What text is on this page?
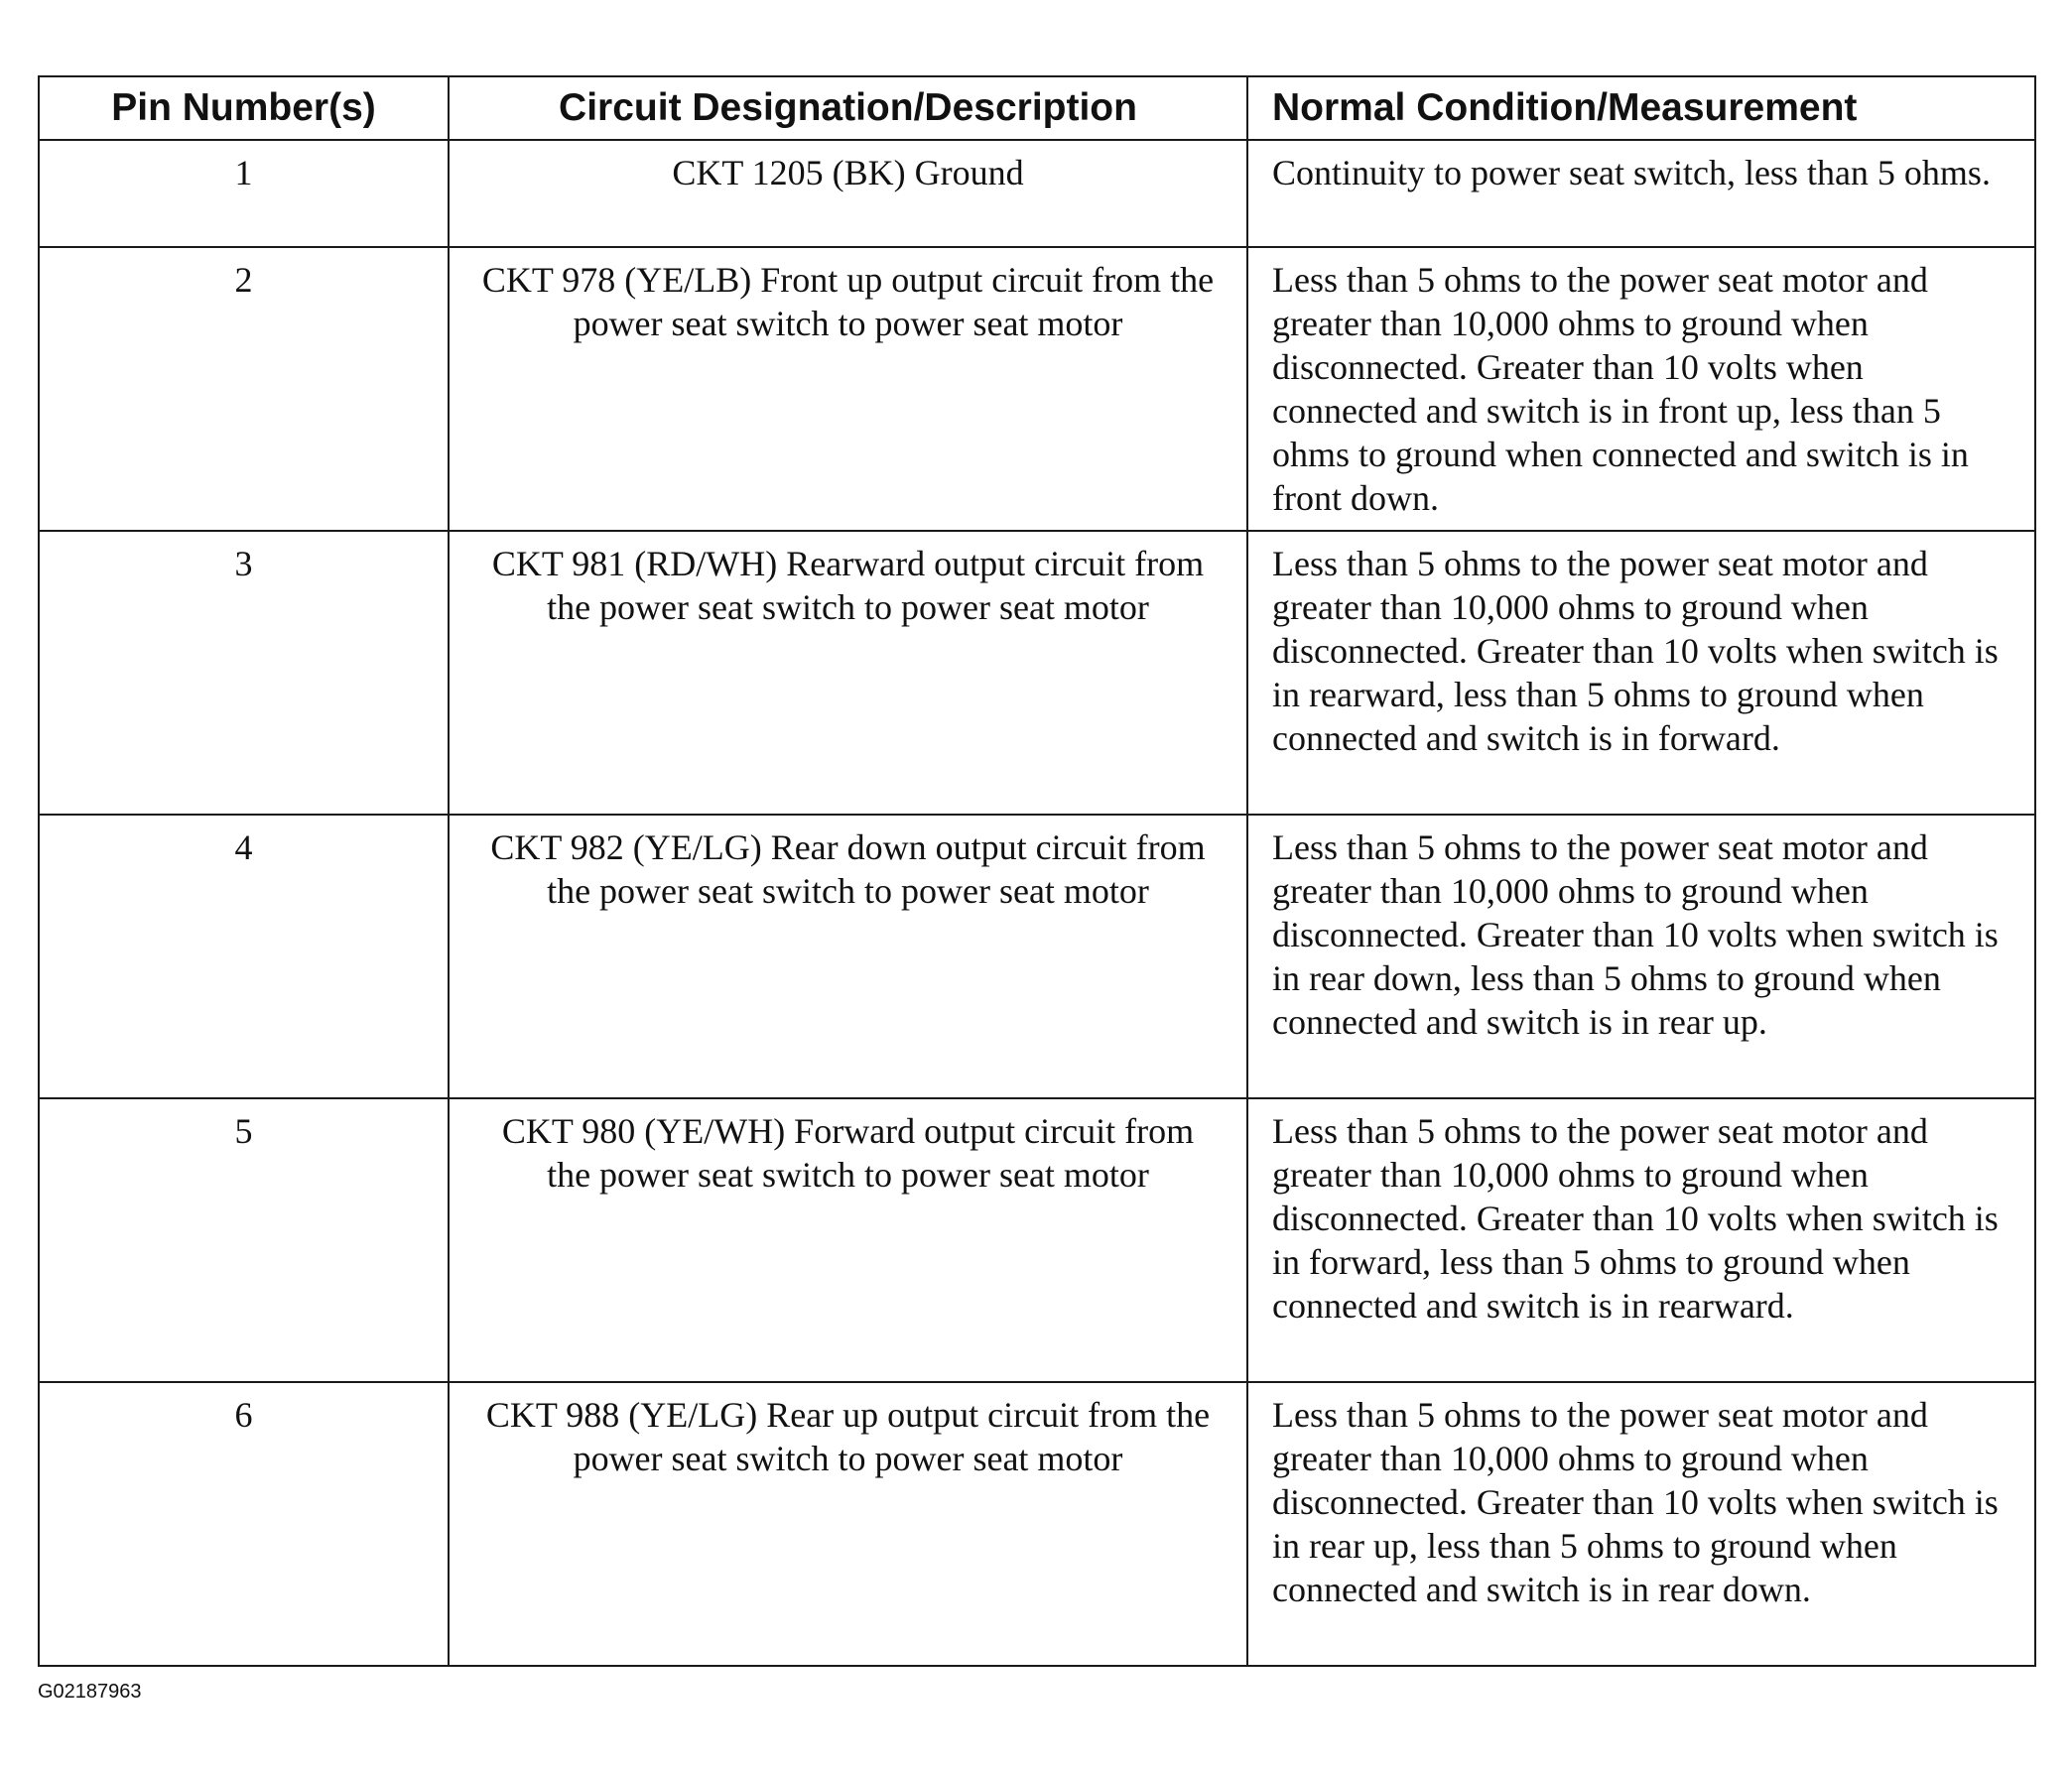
Pin Number(s)	Circuit Designation/Description	Normal Condition/Measurement
1	CKT 1205 (BK) Ground	Continuity to power seat switch, less than 5 ohms.
2	CKT 978 (YE/LB) Front up output circuit from the power seat switch to power seat motor	Less than 5 ohms to the power seat motor and greater than 10,000 ohms to ground when disconnected. Greater than 10 volts when connected and switch is in front up, less than 5 ohms to ground when connected and switch is in front down.
3	CKT 981 (RD/WH) Rearward output circuit from the power seat switch to power seat motor	Less than 5 ohms to the power seat motor and greater than 10,000 ohms to ground when disconnected. Greater than 10 volts when switch is in rearward, less than 5 ohms to ground when connected and switch is in forward.
4	CKT 982 (YE/LG) Rear down output circuit from the power seat switch to power seat motor	Less than 5 ohms to the power seat motor and greater than 10,000 ohms to ground when disconnected. Greater than 10 volts when switch is in rear down, less than 5 ohms to ground when connected and switch is in rear up.
5	CKT 980 (YE/WH) Forward output circuit from the power seat switch to power seat motor	Less than 5 ohms to the power seat motor and greater than 10,000 ohms to ground when disconnected. Greater than 10 volts when switch is in forward, less than 5 ohms to ground when connected and switch is in rearward.
6	CKT 988 (YE/LG) Rear up output circuit from the power seat switch to power seat motor	Less than 5 ohms to the power seat motor and greater than 10,000 ohms to ground when disconnected. Greater than 10 volts when switch is in rear up, less than 5 ohms to ground when connected and switch is in rear down.
G02187963
